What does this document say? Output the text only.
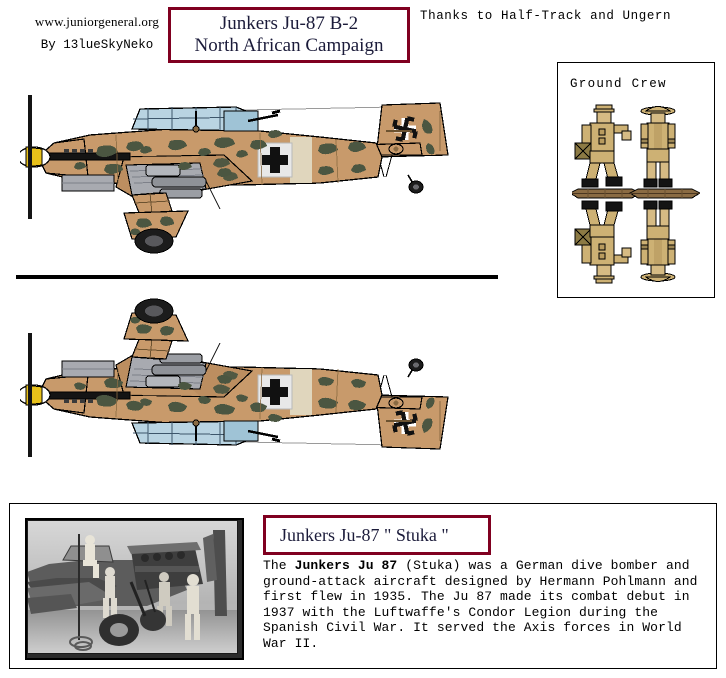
www.juniorgeneral.org
By 13lueSkyNeko
Thanks to Half-Track and Ungern
Junkers Ju-87 B-2
North African Campaign
Ground Crew
Junkers Ju-87 " Stuka "
The Junkers Ju 87 (Stuka) was a German dive bomber and ground-attack aircraft designed by Hermann Pohlmann and first flew in 1935. The Ju 87 made its combat debut in 1937 with the Luftwaffe's Condor Legion during the Spanish Civil War. It served the Axis forces in World War II.
